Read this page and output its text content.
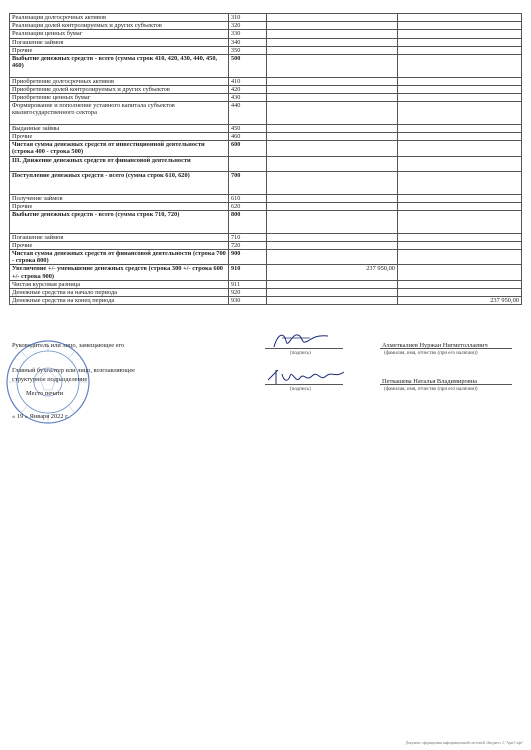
Реализация долгосрочных активов	310		
Реализация долей контролируемых и других субъектов	320		
Реализация ценных бумаг	330		
Погашение займов	340		
Прочие	350		
Выбытие денежных средств - всего (сумма строк 410, 420, 430, 440, 450, 460)	500		
Приобретение долгосрочных активов	410		
Приобретение долей контролируемых и других субъектов	420		
Приобретение ценных бумаг	430		
Формирование и пополнение уставного капитала субъектов квазигосударственного сектора	440		
Выданные займы	450		
Прочие	460		
Чистая сумма денежных средств от инвестиционной деятельности (строка 400 - строка 500)	600		
III. Движение денежных средств от финансовой деятельности			
Поступление денежных средств - всего (сумма строк 610, 620)	700		
Получение займов	610		
Прочие	620		
Выбытие денежных средств - всего (сумма строк 710, 720)	800		
Погашение займов	710		
Прочие	720		
Чистая сумма денежных средств от финансовой деятельности (строка 700 - строка 800)	900		
Увеличение +/- уменьшение денежных средств (строка 300 +/- строка 600 +/- строка 900)	910	237 950,00	
Чистая курсовая разница	911		
Денежные средства на начало периода	920		
Денежные средства на конец периода	930		237 950,00
Руководитель или лицо, замещающее его
(подпись)
Ахметкалиев Нуржан Нигметоллаевич
(фамилия, имя, отчество (при его наличии))
Главный бухгалтер или лицо, возглавляющее
структурное подразделение
(подпись)
Петкашева Наталья Владимировна
(фамилия, имя, отчество (при его наличии))
Место печати
« 19 » Января 2022 г.
Документ сформирован информационной системой «Бюджет» © 'Арм-Софт'
